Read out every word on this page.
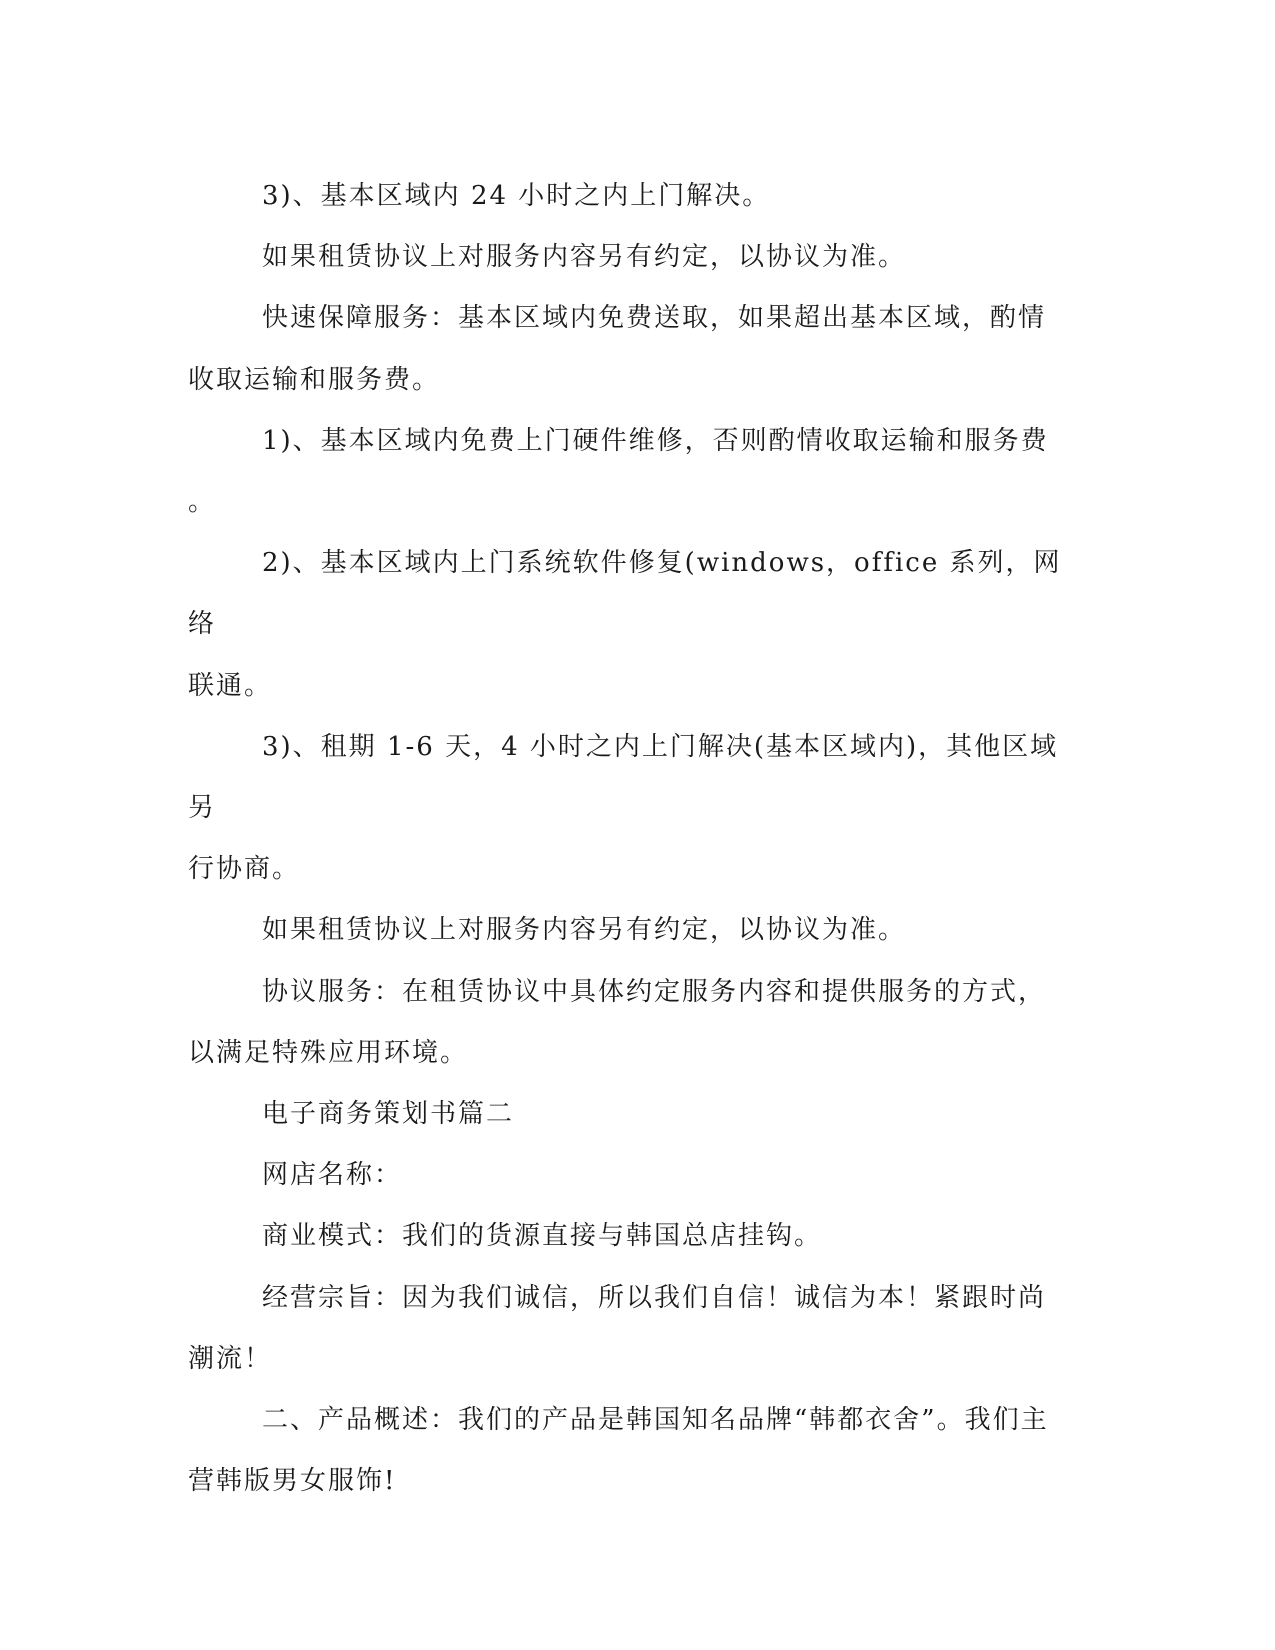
3)、基本区域内 24 小时之内上门解决。

如果租赁协议上对服务内容另有约定，以协议为准。

快速保障服务：基本区域内免费送取，如果超出基本区域，酌情
收取运输和服务费。

1)、基本区域内免费上门硬件维修，否则酌情收取运输和服务费
。

2)、基本区域内上门系统软件修复(windows，office 系列，网络
联通。

3)、租期 1-6 天，4 小时之内上门解决(基本区域内)，其他区域另
行协商。

如果租赁协议上对服务内容另有约定，以协议为准。

协议服务：在租赁协议中具体约定服务内容和提供服务的方式，
以满足特殊应用环境。

电子商务策划书篇二

网店名称：

商业模式：我们的货源直接与韩国总店挂钩。

经营宗旨：因为我们诚信，所以我们自信！诚信为本！紧跟时尚
潮流！

二、产品概述：我们的产品是韩国知名品牌“韩都衣舍”。我们主
营韩版男女服饰!
